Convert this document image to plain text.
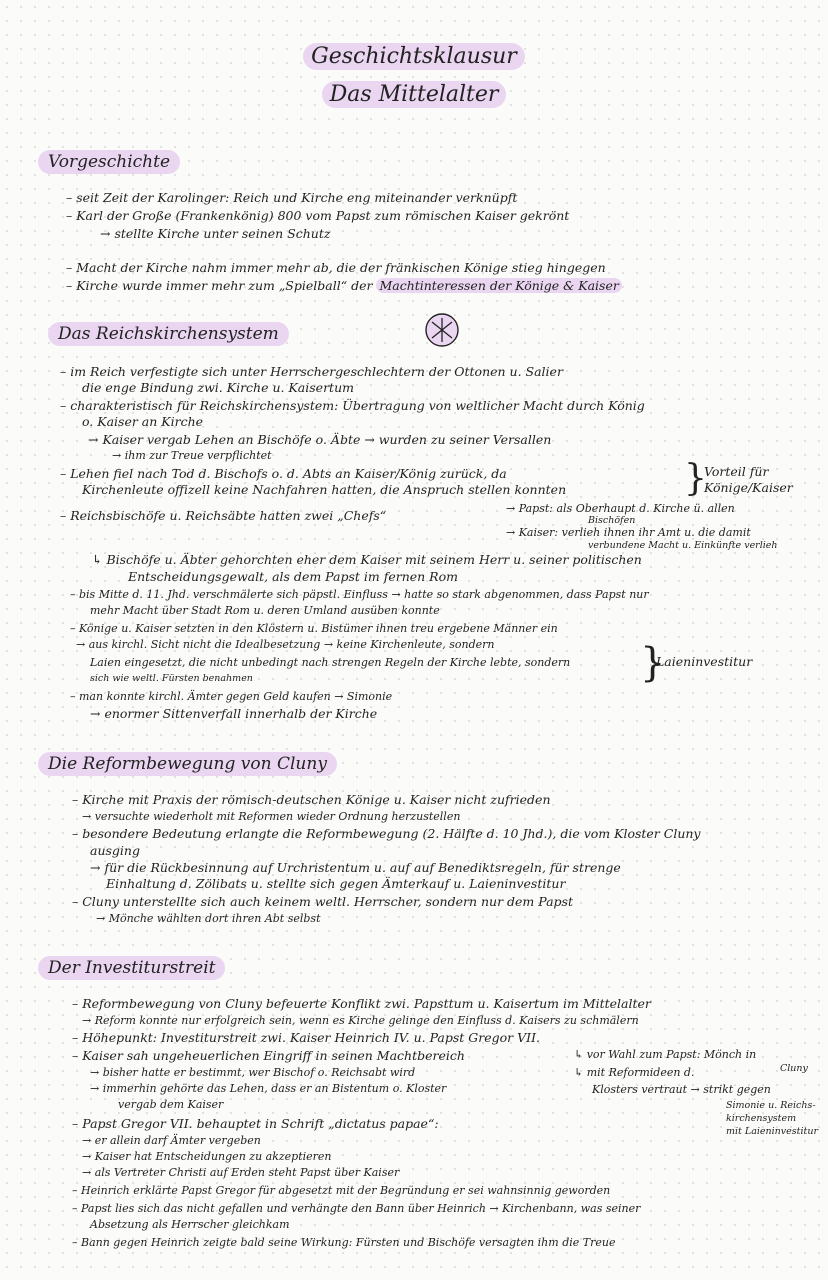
Geschichtsklausur
Das Mittelalter
Vorgeschichte
Das Reichskirchensystem
Die Reformbewegung von Cluny
Der Investiturstreit
– seit Zeit der Karolinger: Reich und Kirche eng miteinander verknüpft
– Karl der Große (Frankenkönig) 800 vom Papst zum römischen Kaiser gekrönt
→ stellte Kirche unter seinen Schutz
– Macht der Kirche nahm immer mehr ab, die der fränkischen Könige stieg hingegen
– Kirche wurde immer mehr zum „Spielball“ der Machtinteressen der Könige & Kaiser
– im Reich verfestigte sich unter Herrschergeschlechtern der Ottonen u. Salier
die enge Bindung zwi. Kirche u. Kaisertum
– charakteristisch für Reichskirchensystem: Übertragung von weltlicher Macht durch König
o. Kaiser an Kirche
→ Kaiser vergab Lehen an Bischöfe o. Äbte → wurden zu seiner Versallen
→ ihm zur Treue verpflichtet
– Lehen fiel nach Tod d. Bischofs o. d. Abts an Kaiser/König zurück, da
Kirchenleute offizell keine Nachfahren hatten, die Anspruch stellen konnten	}
Vorteil für
Könige/Kaiser
– Reichsbischöfe u. Reichsäbte hatten zwei „Chefs“	→ Papst: als Oberhaupt d. Kirche ü. allen
Bischöfen
→ Kaiser: verlieh ihnen ihr Amt u. die damit
verbundene Macht u. Einkünfte verlieh
↳ Bischöfe u. Äbter gehorchten eher dem Kaiser mit seinem Herr u. seiner politischen
Entscheidungsgewalt, als dem Papst im fernen Rom
– bis Mitte d. 11. Jhd. verschmälerte sich päpstl. Einfluss → hatte so stark abgenommen, dass Papst nur
mehr Macht über Stadt Rom u. deren Umland ausüben konnte
– Könige u. Kaiser setzten in den Klöstern u. Bistümer ihnen treu ergebene Männer ein
→ aus kirchl. Sicht nicht die Idealbesetzung → keine Kirchenleute, sondern
Laien eingesetzt, die nicht unbedingt nach strengen Regeln der Kirche lebte, sondern
sich wie weltl. Fürsten benahmen	}
Laieninvestitur
– man konnte kirchl. Ämter gegen Geld kaufen → Simonie
→ enormer Sittenverfall innerhalb der Kirche
– Kirche mit Praxis der römisch-deutschen Könige u. Kaiser nicht zufrieden
→ versuchte wiederholt mit Reformen wieder Ordnung herzustellen
– besondere Bedeutung erlangte die Reformbewegung (2. Hälfte d. 10 Jhd.), die vom Kloster Cluny
ausging
→ für die Rückbesinnung auf Urchristentum u. auf auf Benediktsregeln, für strenge
Einhaltung d. Zölibats u. stellte sich gegen Ämterkauf u. Laieninvestitur
– Cluny unterstellte sich auch keinem weltl. Herrscher, sondern nur dem Papst
→ Mönche wählten dort ihren Abt selbst
– Reformbewegung von Cluny befeuerte Konflikt zwi. Papsttum u. Kaisertum im Mittelalter
→ Reform konnte nur erfolgreich sein, wenn es Kirche gelinge den Einfluss d. Kaisers zu schmälern
– Höhepunkt: Investiturstreit zwi. Kaiser Heinrich IV. u. Papst Gregor VII.
– Kaiser sah ungeheuerlichen Eingriff in seinen Machtbereich
→ bisher hatte er bestimmt, wer Bischof o. Reichsabt wird
→ immerhin gehörte das Lehen, dass er an Bistentum o. Kloster
vergab dem Kaiser
↳ vor Wahl zum Papst: Mönch in
Cluny
↳ mit Reformideen d.
Klosters vertraut → strikt gegen
Simonie u. Reichs-
kirchensystem
mit Laieninvestitur
– Papst Gregor VII. behauptet in Schrift „dictatus papae“:
→ er allein darf Ämter vergeben
→ Kaiser hat Entscheidungen zu akzeptieren
→ als Vertreter Christi auf Erden steht Papst über Kaiser
– Heinrich erklärte Papst Gregor für abgesetzt mit der Begründung er sei wahnsinnig geworden
– Papst lies sich das nicht gefallen und verhängte den Bann über Heinrich → Kirchenbann, was seiner
Absetzung als Herrscher gleichkam
– Bann gegen Heinrich zeigte bald seine Wirkung: Fürsten und Bischöfe versagten ihm die Treue
